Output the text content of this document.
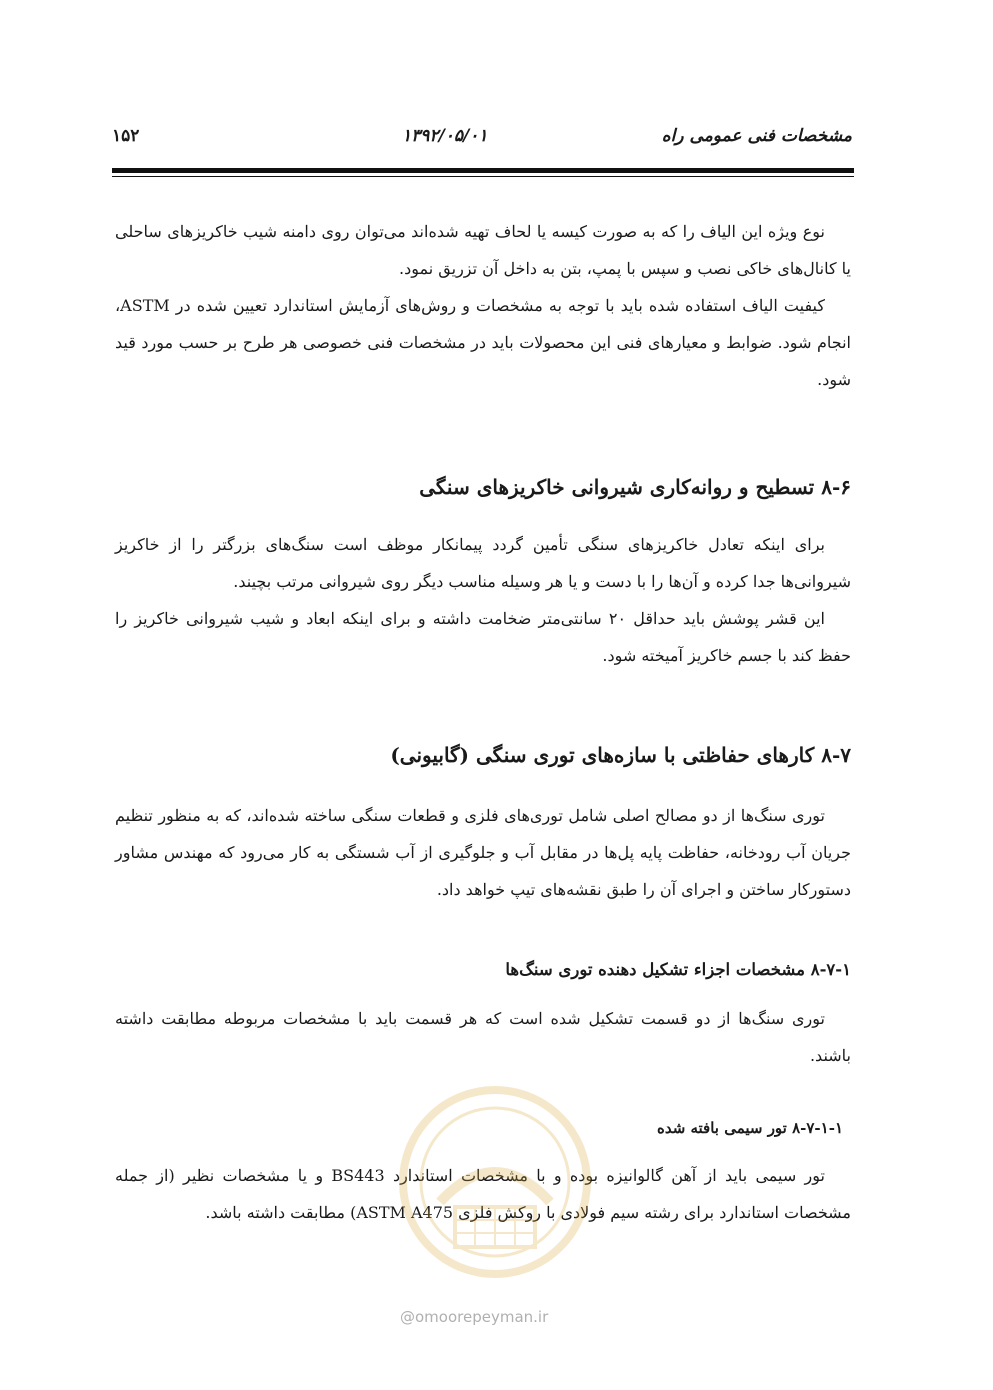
مشخصات فنی عمومی راه
۱۳۹۲/۰۵/۰۱
۱۵۲

نوع ویژه این الیاف را که به صورت کیسه یا لحاف تهیه شده‌اند می‌توان روی دامنه شیب خاکریزهای ساحلی یا کانال‌های خاکی نصب و سپس با پمپ، بتن به داخل آن تزریق نمود.

کیفیت الیاف استفاده شده باید با توجه به مشخصات و روش‌های آزمایش استاندارد تعیین شده در ASTM، انجام شود. ضوابط و معیارهای فنی این محصولات باید در مشخصات فنی خصوصی هر طرح بر حسب مورد قید شود.

۸-۶ تسطیح و روانه‌کاری شیروانی خاکریزهای سنگی

برای اینکه تعادل خاکریزهای سنگی تأمین گردد پیمانکار موظف است سنگ‌های بزرگتر را از خاکریز شیروانی‌ها جدا کرده و آن‌ها را با دست و یا هر وسیله مناسب دیگر روی شیروانی مرتب بچیند.

این قشر پوشش باید حداقل ۲۰ سانتی‌متر ضخامت داشته و برای اینکه ابعاد و شیب شیروانی خاکریز را حفظ کند با جسم خاکریز آمیخته شود.

۸-۷ کارهای حفاظتی با سازه‌های توری سنگی (گابیونی)

توری سنگ‌ها از دو مصالح اصلی شامل توری‌های فلزی و قطعات سنگی ساخته شده‌اند، که به منظور تنظیم جریان آب رودخانه، حفاظت پایه پل‌ها در مقابل آب و جلوگیری از آب شستگی به کار می‌رود که مهندس مشاور دستورکار ساختن و اجرای آن را طبق نقشه‌های تیپ خواهد داد.

۸-۷-۱ مشخصات اجزاء تشکیل دهنده توری سنگ‌ها

توری سنگ‌ها از دو قسمت تشکیل شده است که هر قسمت باید با مشخصات مربوطه مطابقت داشته باشند.

۸-۷-۱-۱ تور سیمی بافته شده

تور سیمی باید از آهن گالوانیزه بوده و با مشخصات استاندارد BS443 و یا مشخصات نظیر (از جمله مشخصات استاندارد برای رشته سیم فولادی با روکش فلزی ASTM A475) مطابقت داشته باشد.

@omoorepeyman.ir
